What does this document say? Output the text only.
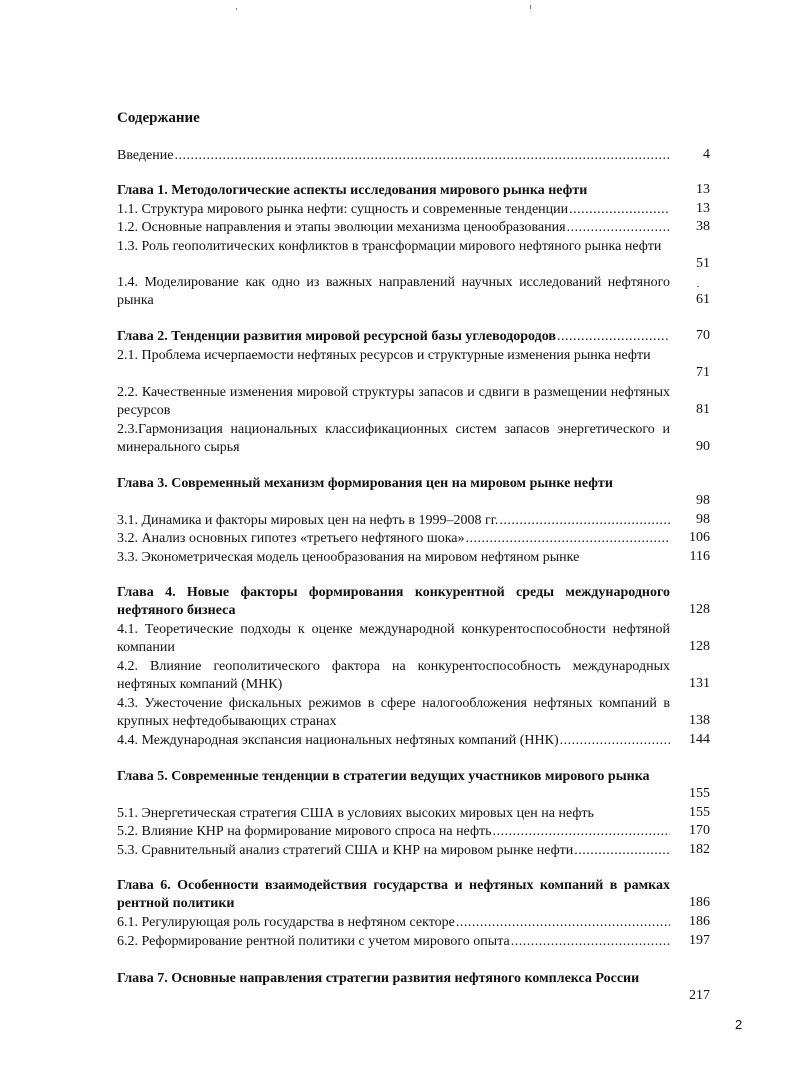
Содержание
Введение .....	4
Глава 1. Методологические аспекты исследования мирового рынка нефти	13
1.1. Структура мирового рынка нефти: сущность и современные тенденции .....	13
1.2. Основные направления и этапы эволюции механизма ценообразования .....	38
1.3. Роль геополитических конфликтов в трансформации мирового нефтяного рынка нефти
51
1.4. Моделирование как одно из важных направлений научных исследований нефтяного рынка	61
Глава 2. Тенденции развития мировой ресурсной базы углеводородов .....	70
2.1. Проблема исчерпаемости нефтяных ресурсов и структурные изменения рынка нефти
71
2.2. Качественные изменения мировой структуры запасов и сдвиги в размещении нефтяных ресурсов	81
2.3.Гармонизация национальных классификационных систем запасов энергетического и минерального сырья	90
Глава 3. Современный механизм формирования цен на мировом рынке нефти
98
3.1. Динамика и факторы мировых цен на нефть в 1999–2008 гг. .....	98
3.2. Анализ основных гипотез «третьего нефтяного шока» .....	106
3.3. Эконометрическая модель ценообразования на мировом нефтяном рынке	116
Глава 4. Новые факторы формирования конкурентной среды международного нефтяного бизнеса	128
4.1. Теоретические подходы к оценке международной конкурентоспособности нефтяной компании	128
4.2. Влияние геополитического фактора на конкурентоспособность международных нефтяных компаний (МНК)	131
4.3. Ужесточение фискальных режимов в сфере налогообложения нефтяных компаний в крупных нефтедобывающих странах	138
4.4. Международная экспансия национальных нефтяных компаний (ННК) .....	144
Глава 5. Современные тенденции в стратегии ведущих участников мирового рынка
155
5.1. Энергетическая стратегия США в условиях высоких мировых цен на нефть	155
5.2. Влияние КНР на формирование мирового спроса на нефть .....	170
5.3. Сравнительный анализ стратегий США и КНР на мировом рынке нефти .....	182
Глава 6. Особенности взаимодействия государства и нефтяных компаний в рамках рентной политики	186
6.1. Регулирующая роль государства в нефтяном секторе .....	186
6.2. Реформирование рентной политики с учетом мирового опыта .....	197
Глава 7. Основные направления стратегии развития нефтяного комплекса России
217
2
